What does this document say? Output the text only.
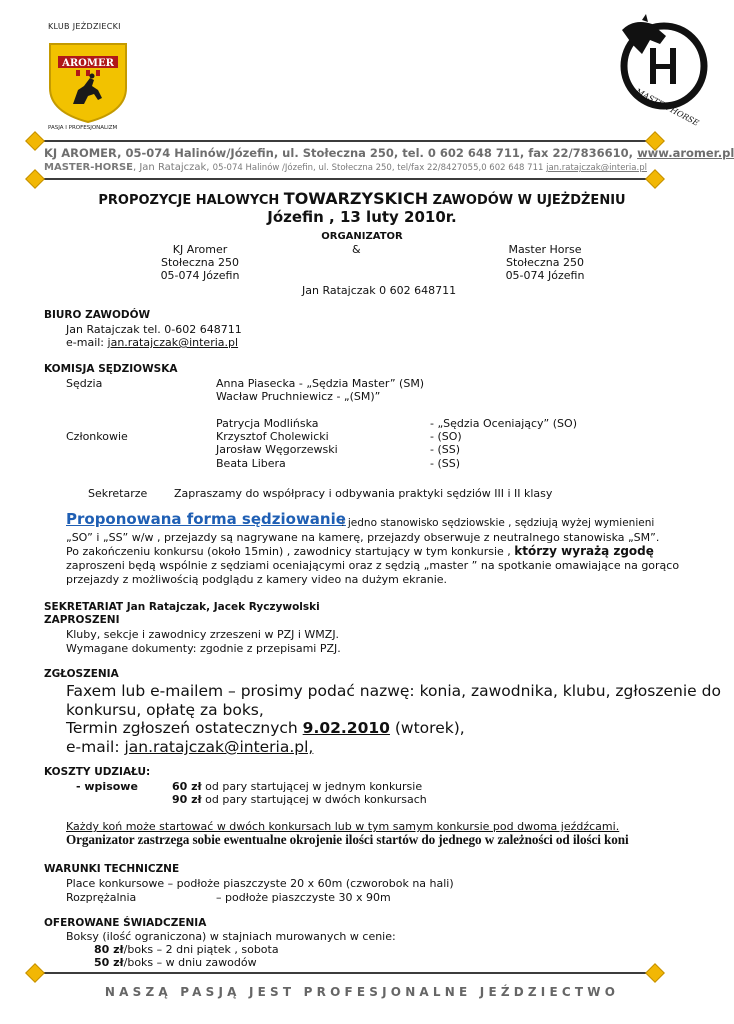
KLUB JEŹDZIECKI
AROMER
PASJA I PROFESJONALIZM
MASTER HORSE
KJ AROMER, 05-074 Halinów/Józefin, ul. Stołeczna 250, tel. 0 602 648 711, fax 22/7836610, www.aromer.pl
MASTER-HORSE, Jan Ratajczak, 05-074 Halinów /Józefin, ul. Stołeczna 250, tel/fax 22/8427055,0 602 648 711 jan.ratajczak@interia.pl
PROPOZYCJE HALOWYCH TOWARZYSKICH ZAWODÓW W UJEŻDŻENIU
Józefin , 13 luty 2010r.
ORGANIZATOR
KJ Aromer
Stołeczna 250
05-074 Józefin
&	Master Horse
Stołeczna 250
05-074 Józefin
Jan Ratajczak 0 602 648711
BIURO ZAWODÓW
Jan Ratajczak tel. 0-602 648711
e-mail: jan.ratajczak@interia.pl
KOMISJA SĘDZIOWSKA
Sędzia	Anna Piasecka - „Sędzia Master” (SM)
Wacław Pruchniewicz - „(SM)”
Patrycja Modlińska	- „Sędzia Oceniający” (SO)
Członkowie	Krzysztof Cholewicki	- (SO)
Jarosław Węgorzewski	- (SS)
Beata Libera	- (SS)
Sekretarze Zapraszamy do współpracy i odbywania praktyki sędziów III i II klasy
Proponowana forma sędziowanie
: jedno stanowisko sędziowskie , sędziują wyżej wymienieni
„SO” i „SS” w/w , przejazdy są nagrywane na kamerę, przejazdy obserwuje z neutralnego stanowiska „SM”.
Po zakończeniu konkursu (około 15min) , zawodnicy startujący w tym konkursie , którzy wyrażą zgodę
zaproszeni będą wspólnie z sędziami oceniającymi oraz z sędzią „master ” na spotkanie omawiające na gorąco
przejazdy z możliwością podglądu z kamery video na dużym ekranie.
SEKRETARIAT Jan Ratajczak, Jacek Ryczywolski
ZAPROSZENI
Kluby, sekcje i zawodnicy zrzeszeni w PZJ i WMZJ.
Wymagane dokumenty: zgodnie z przepisami PZJ.
ZGŁOSZENIA
Faxem lub e-mailem – prosimy podać nazwę: konia, zawodnika, klubu, zgłoszenie do
konkursu, opłatę za boks,
Termin zgłoszeń ostatecznych 9.02.2010 (wtorek),
e-mail: jan.ratajczak@interia.pl,
KOSZTY UDZIAŁU:
- wpisowe	60 zł od pary startującej w jednym konkursie
90 zł od pary startującej w dwóch konkursach
Każdy koń może startować w dwóch konkursach lub w tym samym konkursie pod dwoma jeźdźcami.
Organizator zastrzega sobie ewentualne okrojenie ilości startów do jednego w zależności od ilości koni
WARUNKI TECHNICZNE
Place konkursowe – podłoże piaszczyste 20 x 60m (czworobok na hali)
Rozprężalnia	– podłoże piaszczyste 30 x 90m
OFEROWANE ŚWIADCZENIA
Boksy (ilość ograniczona) w stajniach murowanych w cenie:
80 zł/boks – 2 dni piątek , sobota
50 zł/boks – w dniu zawodów
NASZĄ PASJĄ JEST PROFESJONALNE JEŹDZIECTWO
